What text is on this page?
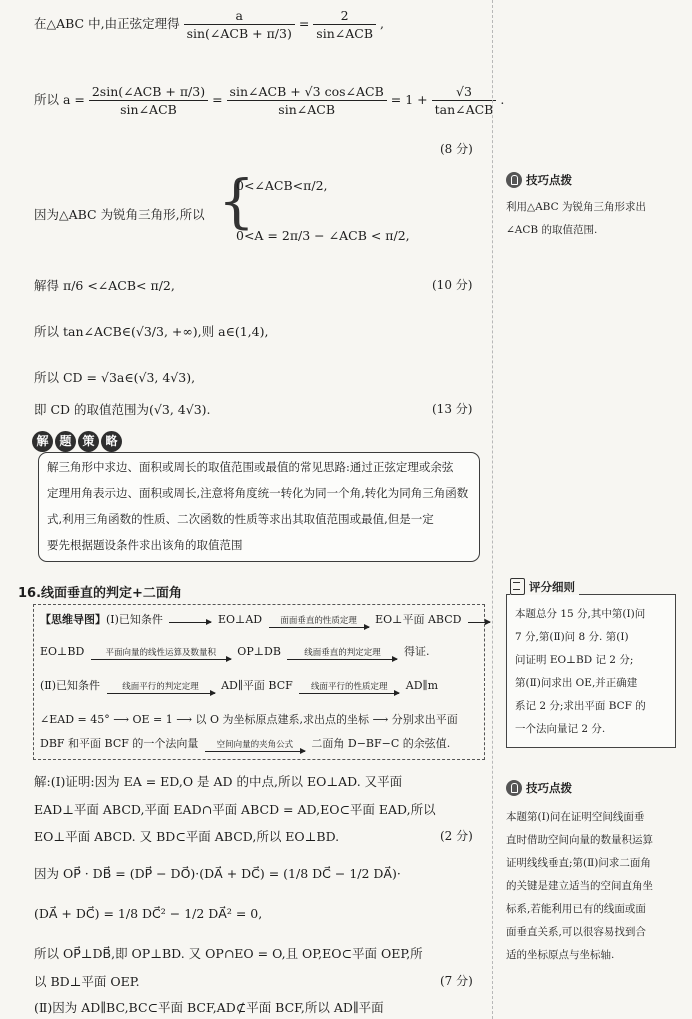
在△ABC 中,由正弦定理得 $\frac{a}{\text{sin(∠ACB + π/3)}} = \frac{2}{\text{sin∠ACB}}$ ,
所以 $a = \frac{\text{2sin(∠ACB + π/3)}}{\text{sin∠ACB}} = \frac{\text{sin∠ACB + √3 cos∠ACB}}{\text{sin∠ACB}} = 1 + \frac{√3}{\text{tan∠ACB}}$ .
(8 分)
因为△ABC 为锐角三角形,所以 {
0<∠ACB<π/2,
0<A = 2π/3 − ∠ACB < π/2,
解得 π/6 <∠ACB< π/2,	(10 分)
所以 tan∠ACB∈(√3/3, +∞),则 a∈(1,4),
所以 CD = √3a∈(√3, 4√3),
即 CD 的取值范围为(√3, 4√3).	(13 分)
解 题 策 略
解三角形中求边、面积或周长的取值范围或最值的常见思路:通过正弦定理或余弦
定理用角表示边、面积或周长,注意将角度统一转化为同一个角,转化为同角三角函数
式,利用三角函数的性质、二次函数的性质等求出其取值范围或最值,但是一定
要先根据题设条件求出该角的取值范围
16.线面垂直的判定+二面角
【思维导图】(Ⅰ)已知条件	EO⊥AD	面面垂直的性质定理	EO⊥平面 ABCD
EO⊥BD	平面向量的线性运算及数量积	OP⊥DB	线面垂直的判定定理	得证.
(Ⅱ)已知条件	线面平行的判定定理	AD∥平面 BCF	线面平行的性质定理	AD∥m
∠EAD = 45° ⟶ OE = 1 ⟶ 以 O 为坐标原点建系,求出点的坐标 ⟶ 分别求出平面
DBF 和平面 BCF 的一个法向量	空间向量的夹角公式	二面角 D−BF−C 的余弦值.
解:(Ⅰ)证明:因为 EA = ED,O 是 AD 的中点,所以 EO⊥AD. 又平面
EAD⊥平面 ABCD,平面 EAD∩平面 ABCD = AD,EO⊂平面 EAD,所以
EO⊥平面 ABCD. 又 BD⊂平面 ABCD,所以 EO⊥BD.	(2 分)
因为 OP⃗ · DB⃗ = (DP⃗ − DO⃗)·(DA⃗ + DC⃗) = (1/8 DC⃗ − 1/2 DA⃗)·
(DA⃗ + DC⃗) = 1/8 DC⃗² − 1/2 DA⃗² = 0,
所以 OP⃗⊥DB⃗,即 OP⊥BD. 又 OP∩EO = O,且 OP,EO⊂平面 OEP,所
以 BD⊥平面 OEP.	(7 分)
(Ⅱ)因为 AD∥BC,BC⊂平面 BCF,AD⊄平面 BCF,所以 AD∥平面
技巧点拨
利用△ABC 为锐角三角形求出
∠ACB 的取值范围.
评分细则
本题总分 15 分,其中第(Ⅰ)问
7 分,第(Ⅱ)问 8 分. 第(Ⅰ)
问证明 EO⊥BD 记 2 分;
第(Ⅱ)问求出 OE,并正确建
系记 2 分;求出平面 BCF 的
一个法向量记 2 分.
技巧点拨
本题第(Ⅰ)问在证明空间线面垂
直时借助空间向量的数量积运算
证明线线垂直;第(Ⅱ)问求二面角
的关键是建立适当的空间直角坐
标系,若能利用已有的线面或面
面垂直关系,可以很容易找到合
适的坐标原点与坐标轴.
